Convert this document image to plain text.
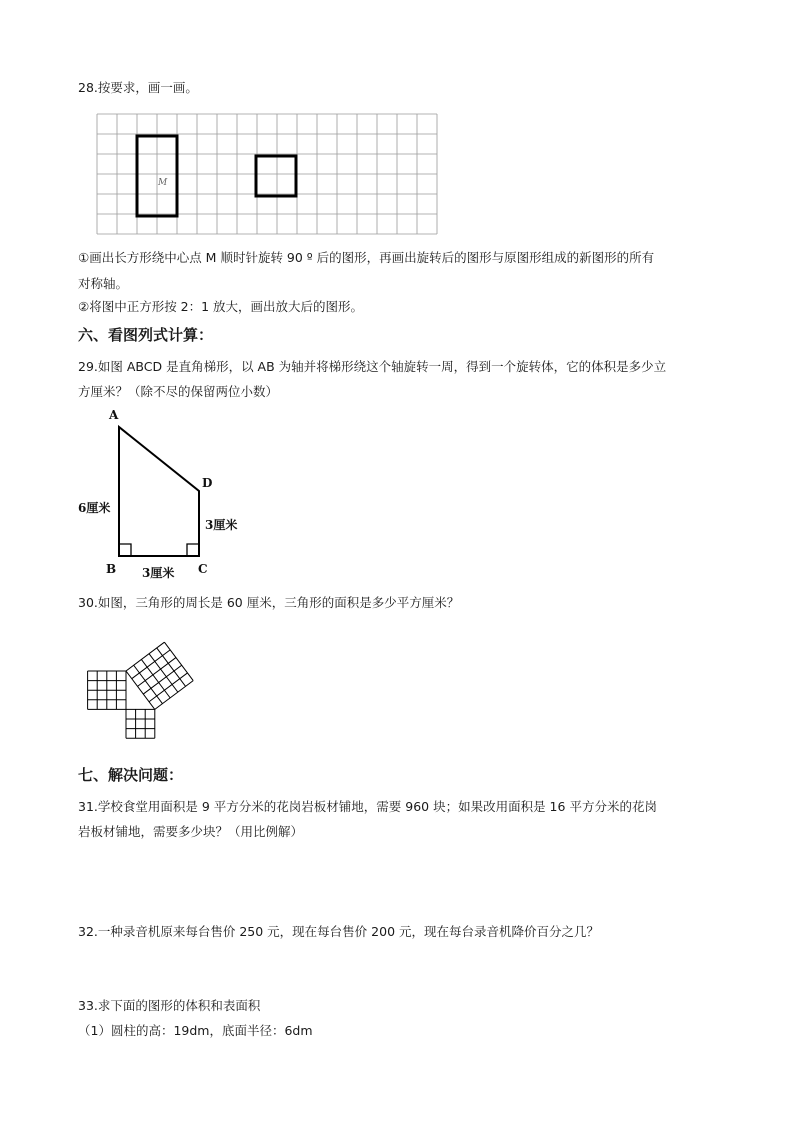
28.按要求，画一画。
M
①画出长方形绕中心点 M 顺时针旋转 90 º 后的图形，再画出旋转后的图形与原图形组成的新图形的所有
对称轴。
②将图中正方形按 2：1 放大，画出放大后的图形。
六、看图列式计算：
29.如图 ABCD 是直角梯形，以 AB 为轴并将梯形绕这个轴旋转一周，得到一个旋转体，它的体积是多少立
方厘米？（除不尽的保留两位小数）
A
D
B	C
6厘米
3厘米
3厘米
30.如图，三角形的周长是 60 厘米，三角形的面积是多少平方厘米？
七、解决问题：
31.学校食堂用面积是 9 平方分米的花岗岩板材铺地，需要 960 块；如果改用面积是 16 平方分米的花岗
岩板材铺地，需要多少块？（用比例解）
32.一种录音机原来每台售价 250 元，现在每台售价 200 元，现在每台录音机降价百分之几？
33.求下面的图形的体积和表面积
（1）圆柱的高：19dm，底面半径：6dm
